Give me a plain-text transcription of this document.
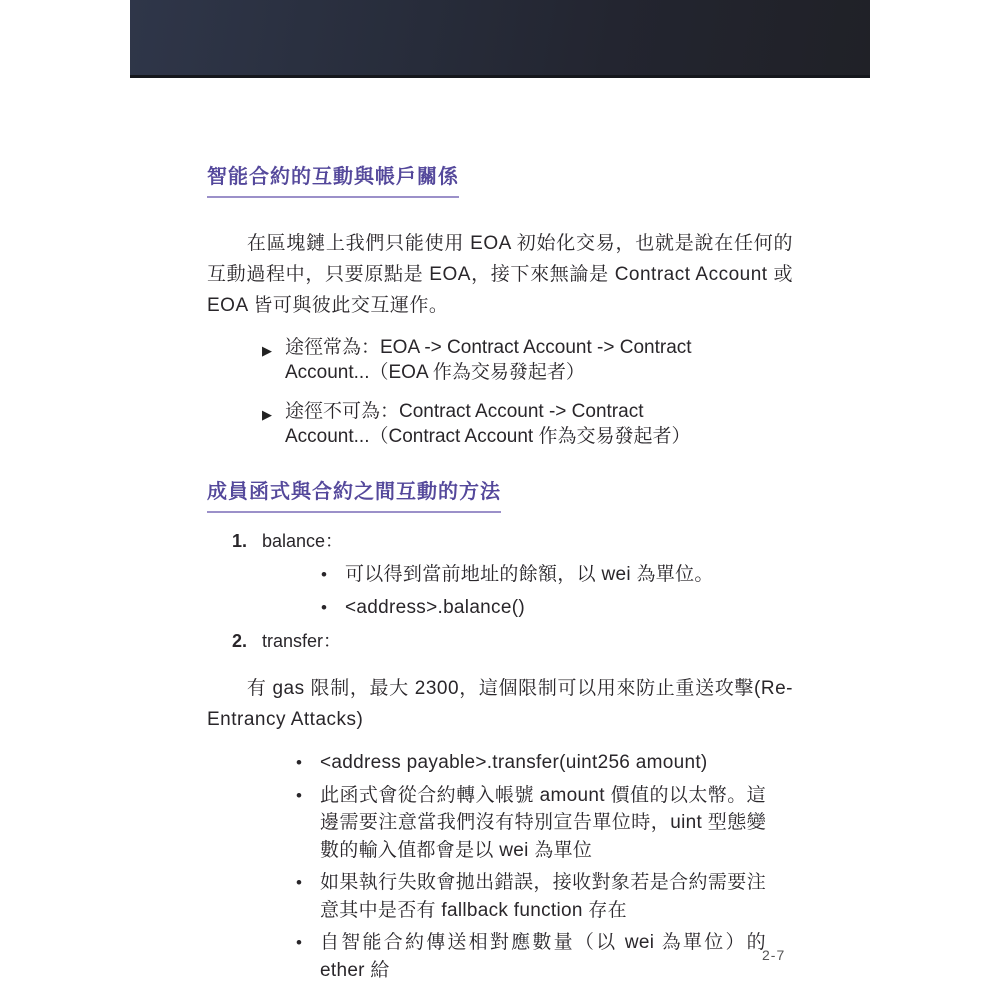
智能合約的互動與帳戶關係

在區塊鏈上我們只能使用 EOA 初始化交易，也就是說在任何的互動過程中，只要原點是 EOA，接下來無論是 Contract Account 或 EOA 皆可與彼此交互運作。

▶ 途徑常為：EOA -> Contract Account -> Contract Account...（EOA 作為交易發起者）
▶ 途徑不可為：Contract Account -> Contract Account...（Contract Account 作為交易發起者）
成員函式與合約之間互動的方法
1. balance：
• 可以得到當前地址的餘額，以 wei 為單位。
• <address>.balance()
2. transfer：

有 gas 限制，最大 2300，這個限制可以用來防止重送攻擊(Re-Entrancy Attacks)

• <address payable>.transfer(uint256 amount)
• 此函式會從合約轉入帳號 amount 價值的以太幣。這邊需要注意當我們沒有特別宣告單位時，uint 型態變數的輸入值都會是以 wei 為單位
• 如果執行失敗會拋出錯誤，接收對象若是合約需要注意其中是否有 fallback function 存在
• 自智能合約傳送相對應數量（以 wei 為單位）的 ether 給
2-7
